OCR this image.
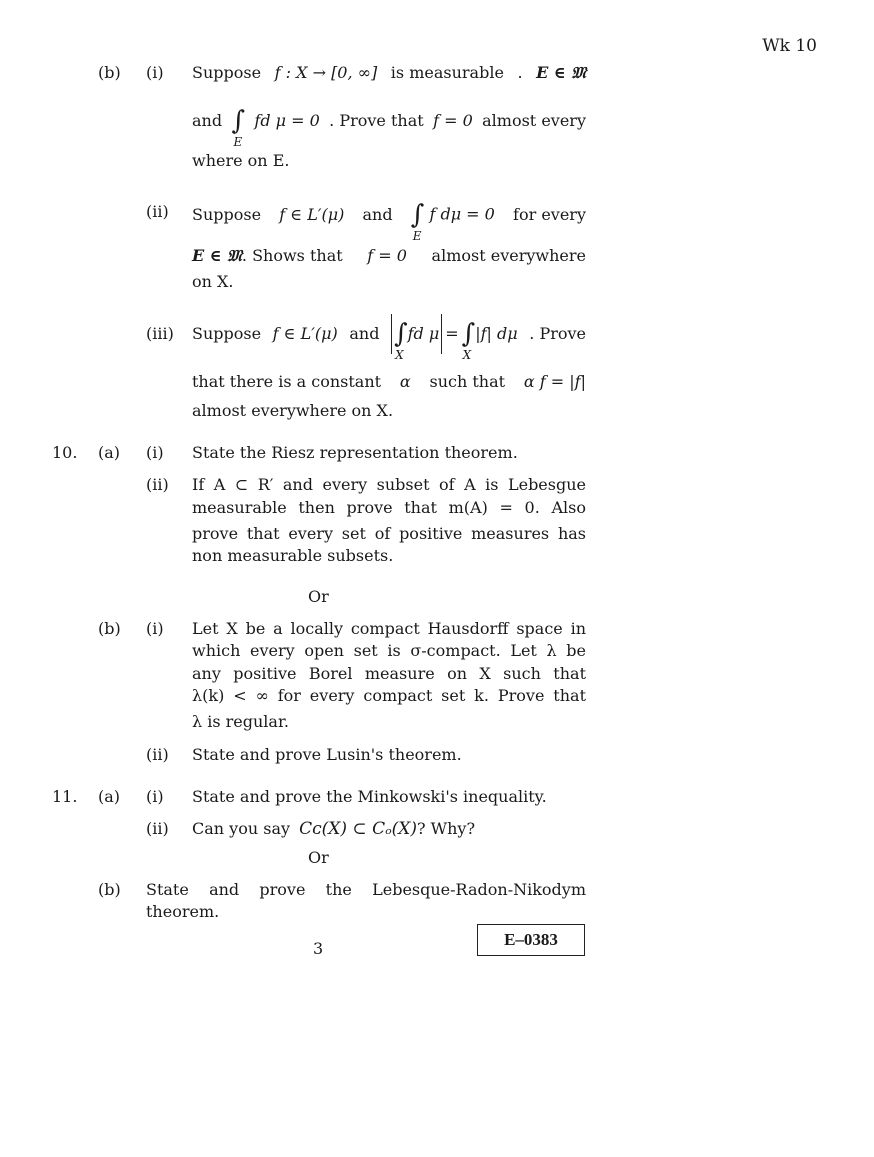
Wk 10
(b) (i) Suppose f : X → [0, ∞] is measurable . E ∈ 𝔐
and ∫
E
fd μ = 0 . Prove that f = 0 almost every
where on E.
(ii) Suppose f ∈ L′(μ) and ∫
E
f dμ = 0 for every
E ∈ 𝔐. Shows that f = 0 almost everywhere
on X.
(iii) Suppose f ∈ L′(μ) and ∫
X
fd μ = ∫
X
|f| dμ . Prove
that there is a constant α such that α f = |f|
almost everywhere on X.
10. (a) (i) State the Riesz representation theorem.
(ii) If A ⊂ R′ and every subset of A is Lebesgue
measurable then prove that m(A) = 0. Also
prove that every set of positive measures has
non measurable subsets.
Or
(b) (i) Let X be a locally compact Hausdorff space in
which every open set is σ-compact. Let λ be
any positive Borel measure on X such that
λ(k) < ∞ for every compact set k. Prove that
λ is regular.
(ii) State and prove Lusin's theorem.
11. (a) (i) State and prove the Minkowski's inequality.
(ii) Can you say Cᴄ(X) ⊂ Cₒ(X)? Why?
Or
(b) State and prove the Lebesque-Radon-Nikodym
theorem.
3	E–0383
